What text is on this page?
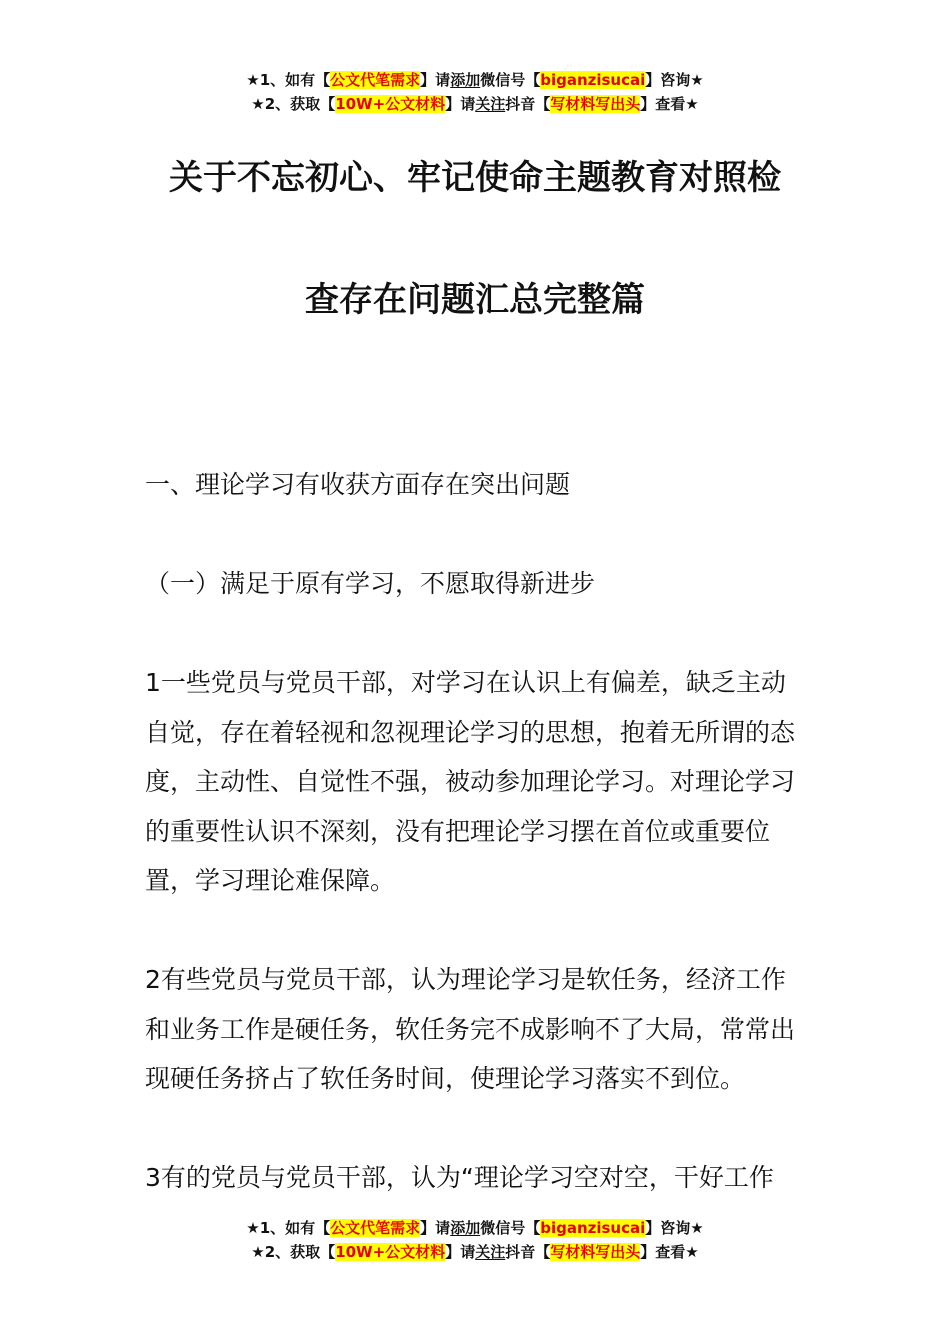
★1、如有【公文代笔需求】请添加微信号【biganzisucai】咨询★
★2、获取【10W+公文材料】请关注抖音【写材料写出头】查看★
关于不忘初心、牢记使命主题教育对照检
查存在问题汇总完整篇

一、理论学习有收获方面存在突出问题

（一）满足于原有学习，不愿取得新进步

1一些党员与党员干部，对学习在认识上有偏差，缺乏主动自觉，存在着轻视和忽视理论学习的思想，抱着无所谓的态度，主动性、自觉性不强，被动参加理论学习。对理论学习的重要性认识不深刻，没有把理论学习摆在首位或重要位置，学习理论难保障。

2有些党员与党员干部，认为理论学习是软任务，经济工作和业务工作是硬任务，软任务完不成影响不了大局，常常出现硬任务挤占了软任务时间，使理论学习落实不到位。

3有的党员与党员干部，认为“理论学习空对空，干好工作

★1、如有【公文代笔需求】请添加微信号【biganzisucai】咨询★
★2、获取【10W+公文材料】请关注抖音【写材料写出头】查看★
